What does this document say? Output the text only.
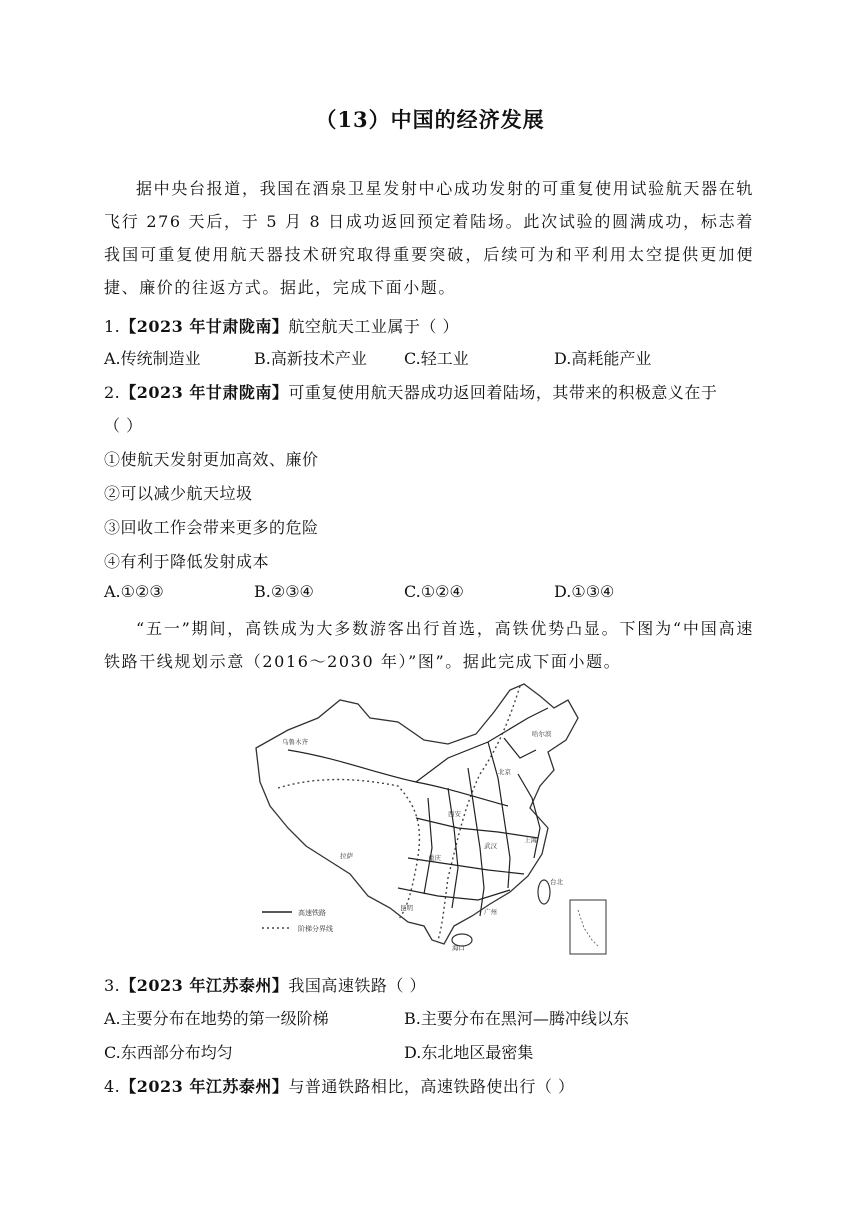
（13）中国的经济发展
据中央台报道，我国在酒泉卫星发射中心成功发射的可重复使用试验航天器在轨飞行 276 天后，于 5 月 8 日成功返回预定着陆场。此次试验的圆满成功，标志着我国可重复使用航天器技术研究取得重要突破，后续可为和平利用太空提供更加便捷、廉价的往返方式。据此，完成下面小题。
1.【2023 年甘肃陇南】航空航天工业属于（ ）
A.传统制造业	B.高新技术产业 C.轻工业	D.高耗能产业
2.【2023 年甘肃陇南】可重复使用航天器成功返回着陆场，其带来的积极意义在于
（ ）
①使航天发射更加高效、廉价
②可以减少航天垃圾
③回收工作会带来更多的危险
④有利于降低发射成本
A.①②③	B.②③④	C.①②④	D.①③④
“五一”期间，高铁成为大多数游客出行首选，高铁优势凸显。下图为“中国高速铁路干线规划示意（2016～2030 年）”图”。据此完成下面小题。
乌鲁木齐
拉萨
昆明
北京
上海
广州
哈尔滨
西安
重庆
武汉
海口
台北
高速铁路
阶梯分界线
3.【2023 年江苏泰州】我国高速铁路（ ）
A.主要分布在地势的第一级阶梯	B.主要分布在黑河—腾冲线以东
C.东西部分布均匀	D.东北地区最密集
4.【2023 年江苏泰州】与普通铁路相比，高速铁路使出行（ ）
